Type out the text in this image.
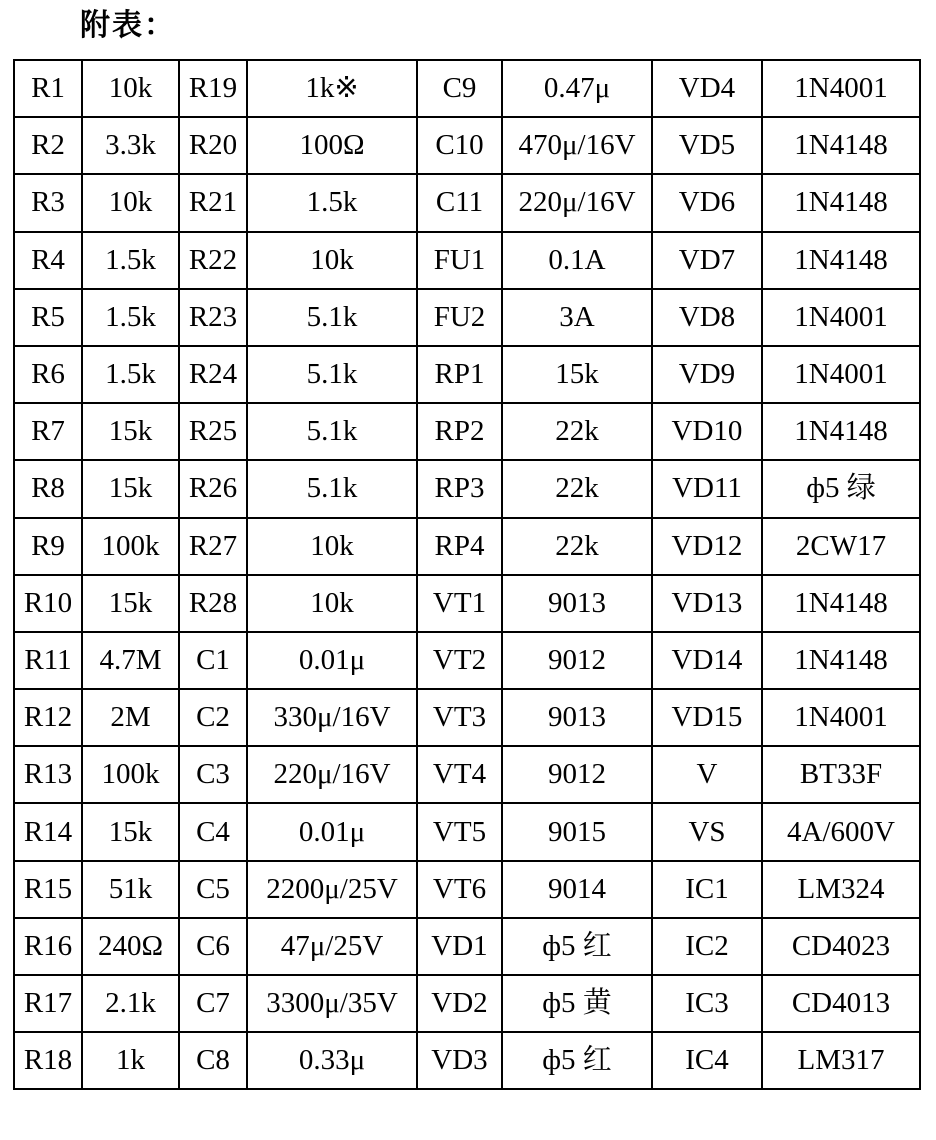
附表：
R1	10k	R19	1k※	C9	0.47μ	VD4	1N4001
R2	3.3k	R20	100Ω	C10	470μ/16V	VD5	1N4148
R3	10k	R21	1.5k	C11	220μ/16V	VD6	1N4148
R4	1.5k	R22	10k	FU1	0.1A	VD7	1N4148
R5	1.5k	R23	5.1k	FU2	3A	VD8	1N4001
R6	1.5k	R24	5.1k	RP1	15k	VD9	1N4001
R7	15k	R25	5.1k	RP2	22k	VD10	1N4148
R8	15k	R26	5.1k	RP3	22k	VD11	ф5 绿
R9	100k	R27	10k	RP4	22k	VD12	2CW17
R10	15k	R28	10k	VT1	9013	VD13	1N4148
R11	4.7M	C1	0.01μ	VT2	9012	VD14	1N4148
R12	2M	C2	330μ/16V	VT3	9013	VD15	1N4001
R13	100k	C3	220μ/16V	VT4	9012	V	BT33F
R14	15k	C4	0.01μ	VT5	9015	VS	4A/600V
R15	51k	C5	2200μ/25V	VT6	9014	IC1	LM324
R16	240Ω	C6	47μ/25V	VD1	ф5 红	IC2	CD4023
R17	2.1k	C7	3300μ/35V	VD2	ф5 黄	IC3	CD4013
R18	1k	C8	0.33μ	VD3	ф5 红	IC4	LM317
